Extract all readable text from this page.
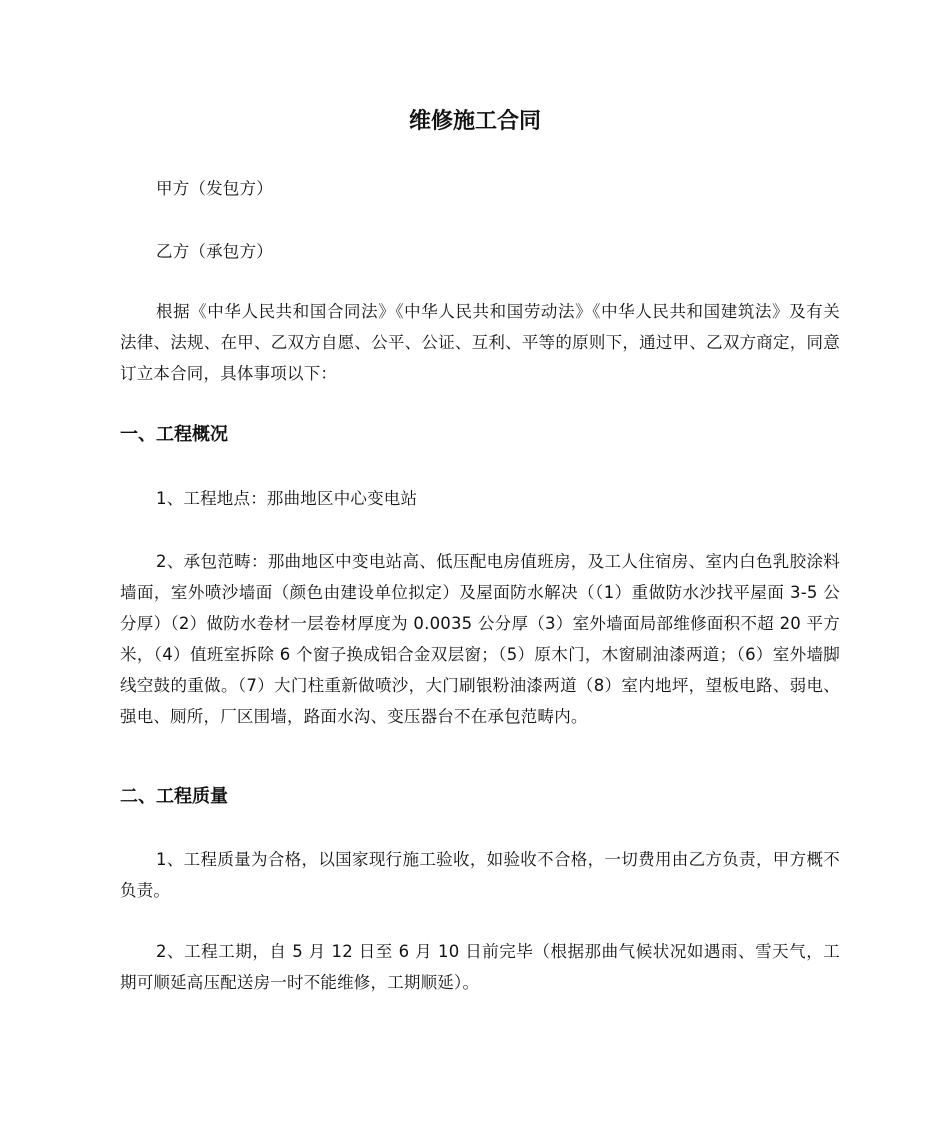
维修施工合同

甲方（发包方）

乙方（承包方）

根据《中华人民共和国合同法》《中华人民共和国劳动法》《中华人民共和国建筑法》及有关法律、法规、在甲、乙双方自愿、公平、公证、互利、平等的原则下，通过甲、乙双方商定，同意订立本合同，具体事项以下：

一、工程概况

1、工程地点：那曲地区中心变电站

2、承包范畴：那曲地区中变电站高、低压配电房值班房，及工人住宿房、室内白色乳胶涂料墙面，室外喷沙墙面（颜色由建设单位拟定）及屋面防水解决（（1）重做防水沙找平屋面 3-5 公分厚）（2）做防水卷材一层卷材厚度为 0.0035 公分厚（3）室外墙面局部维修面积不超 20 平方米，（4）值班室拆除 6 个窗子换成铝合金双层窗；（5）原木门，木窗刷油漆两道；（6）室外墙脚线空鼓的重做。（7）大门柱重新做喷沙，大门刷银粉油漆两道（8）室内地坪，望板电路、弱电、强电、厕所，厂区围墙，路面水沟、变压器台不在承包范畴内。

二、工程质量

1、工程质量为合格，以国家现行施工验收，如验收不合格，一切费用由乙方负责，甲方概不负责。

2、工程工期，自 5 月 12 日至 6 月 10 日前完毕（根据那曲气候状况如遇雨、雪天气，工期可顺延高压配送房一时不能维修，工期顺延）。
